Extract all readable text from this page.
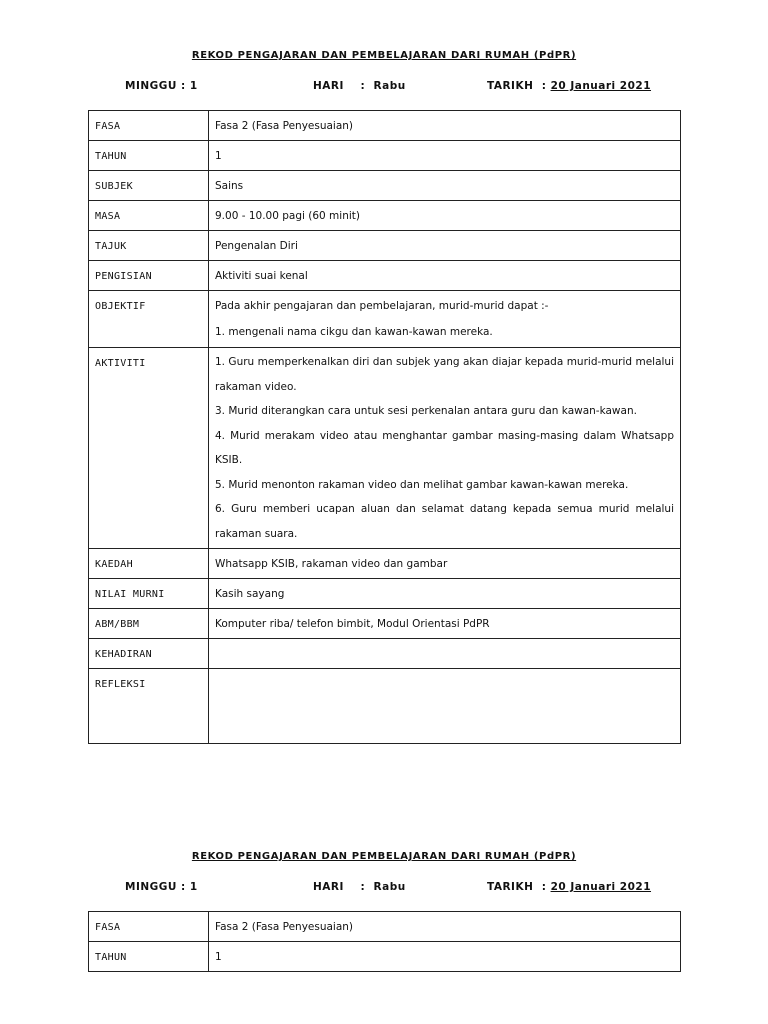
REKOD PENGAJARAN DAN PEMBELAJARAN DARI RUMAH (PdPR)
MINGGU : 1	HARI : Rabu	TARIKH : 20 Januari 2021
FASA	Fasa 2 (Fasa Penyesuaian)
TAHUN	1
SUBJEK	Sains
MASA	9.00 - 10.00 pagi (60 minit)
TAJUK	Pengenalan Diri
PENGISIAN	Aktiviti suai kenal
OBJEKTIF	Pada akhir pengajaran dan pembelajaran, murid-murid dapat :-
1. mengenali nama cikgu dan kawan-kawan mereka.

AKTIVITI	1. Guru memperkenalkan diri dan subjek yang akan diajar kepada murid-murid melalui rakaman video.
3. Murid diterangkan cara untuk sesi perkenalan antara guru dan kawan-kawan.
4. Murid merakam video atau menghantar gambar masing-masing dalam Whatsapp KSIB.
5. Murid menonton rakaman video dan melihat gambar kawan-kawan mereka.
6. Guru memberi ucapan aluan dan selamat datang kepada semua murid melalui rakaman suara.

KAEDAH	Whatsapp KSIB, rakaman video dan gambar
NILAI MURNI	Kasih sayang
ABM/BBM	Komputer riba/ telefon bimbit, Modul Orientasi PdPR
KEHADIRAN	
REFLEKSI	
REKOD PENGAJARAN DAN PEMBELAJARAN DARI RUMAH (PdPR)
MINGGU : 1	HARI : Rabu	TARIKH : 20 Januari 2021
FASA	Fasa 2 (Fasa Penyesuaian)
TAHUN	1
